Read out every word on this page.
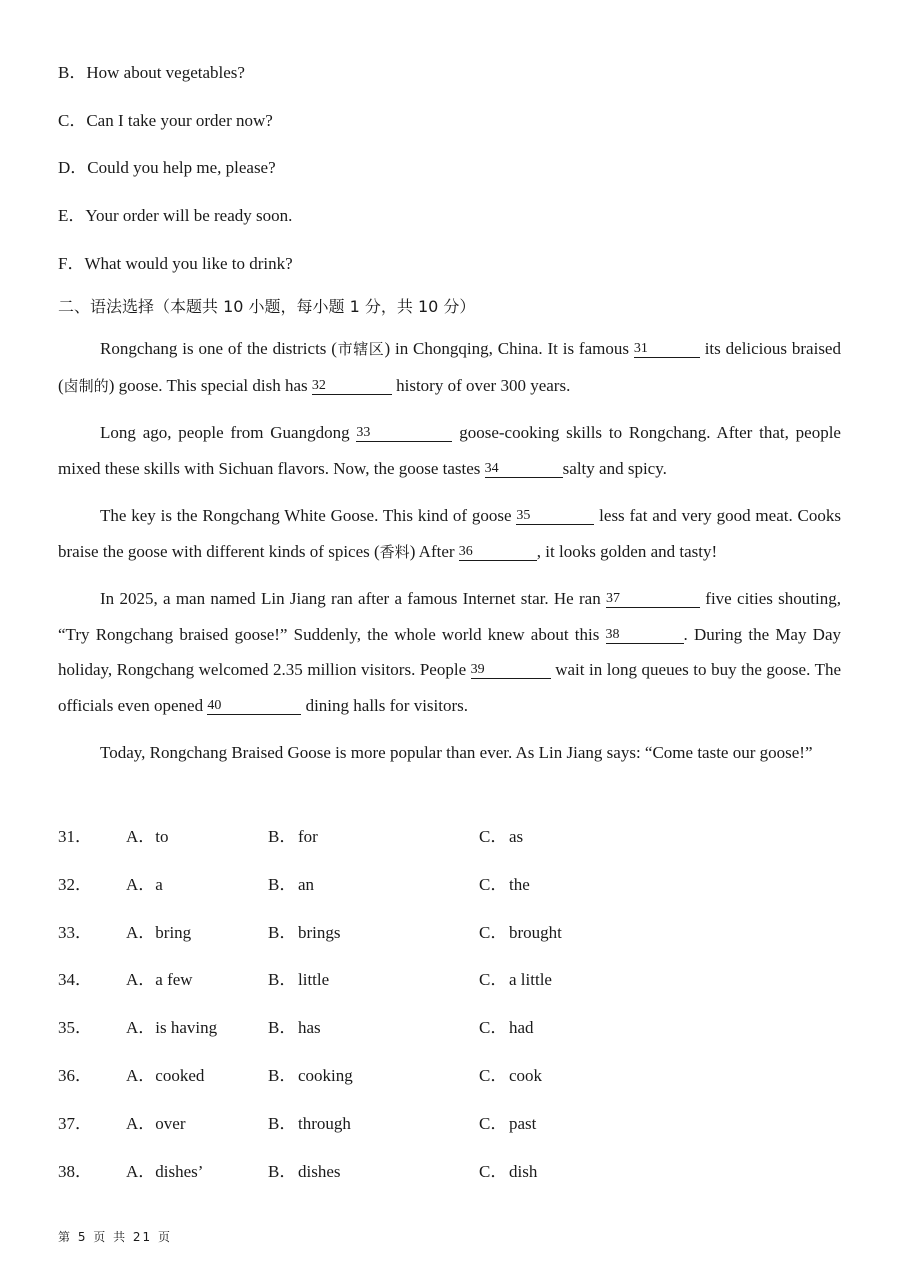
B．How about vegetables?
C．Can I take your order now?
D．Could you help me, please?
E．Your order will be ready soon.
F．What would you like to drink?
二、语法选择（本题共 10 小题，每小题 1 分，共 10 分）
Rongchang is one of the districts (市辖区) in Chongqing, China. It is famous 31	its delicious braised (卤制的) goose. This special dish has 32	history of over 300 years.
Long ago, people from Guangdong 33	goose-cooking skills to Rongchang. After that, people mixed these skills with Sichuan flavors. Now, the goose tastes 34	salty and spicy.
The key is the Rongchang White Goose. This kind of goose 35	less fat and very good meat. Cooks braise the goose with different kinds of spices (香料) After 36	, it looks golden and tasty!
In 2025, a man named Lin Jiang ran after a famous Internet star. He ran 37	five cities shouting, “Try Rongchang braised goose!” Suddenly, the whole world knew about this 38	. During the May Day holiday, Rongchang welcomed 2.35 million visitors. People 39	wait in long queues to buy the goose. The officials even opened 40	dining halls for visitors.
Today, Rongchang Braised Goose is more popular than ever. As Lin Jiang says: “Come taste our goose!”
31． A．to	B． for	C． as
32． A．a	B． an	C． the
33． A．bring	B． brings	C． brought
34． A．a few	B． little	C． a little
35． A．is having	B． has	C． had
36． A．cooked	B． cooking	C． cook
37． A．over	B． through	C． past
38． A．dishes’	B． dishes	C． dish
第 5 页 共 21 页
